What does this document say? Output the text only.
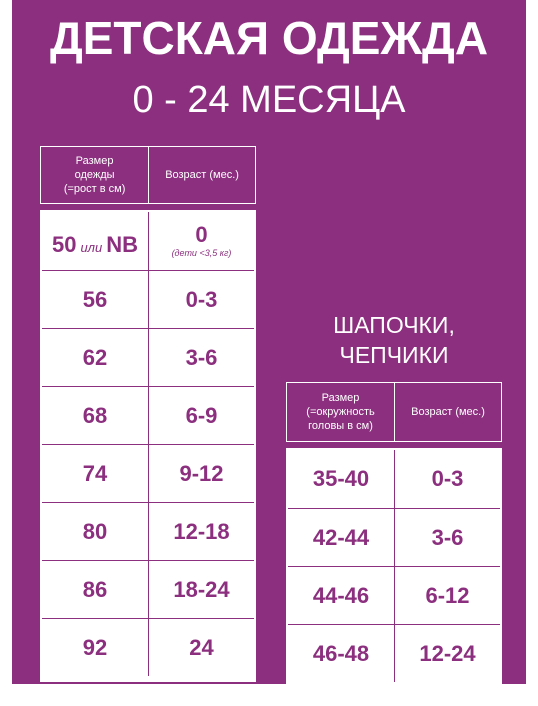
ДЕТСКАЯ ОДЕЖДА
0 - 24 МЕСЯЦА
Размер одежды (=рост в см)
Возраст (мес.)
50 или NB	0
(дети <3,5 кг)
56	0-3
62	3-6
68	6-9
74	9-12
80	12-18
86	18-24
92	24
ШАПОЧКИ,
ЧЕПЧИКИ
Размер (=окружность головы в см)
Возраст (мес.)
35-40	0-3
42-44	3-6
44-46	6-12
46-48	12-24
